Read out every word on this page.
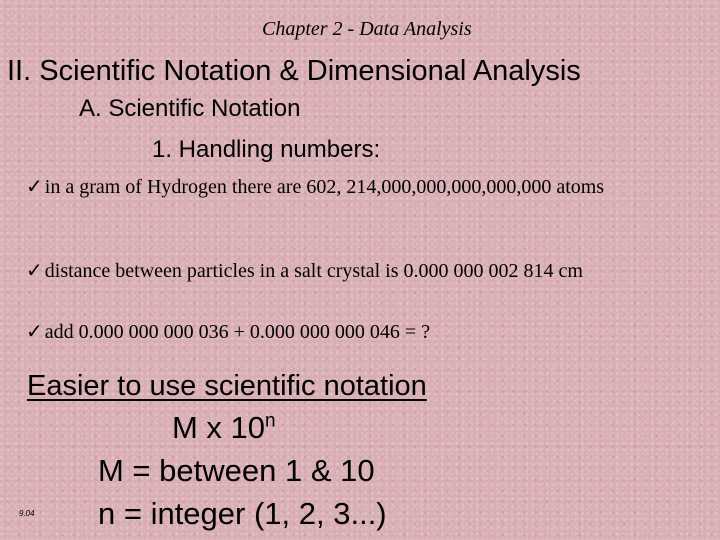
Chapter 2 - Data Analysis
II. Scientific Notation & Dimensional Analysis
A. Scientific Notation
1. Handling numbers:
✓ in a gram of Hydrogen there are 602, 214,000,000,000,000,000 atoms
✓ distance between particles in a salt crystal is 0.000 000 002 814 cm
✓ add 0.000 000 000 036 + 0.000 000 000 046 = ?
Easier to use scientific notation
M x 10$^n$
M = between 1 & 10
n = integer (1, 2, 3...)
9.04
